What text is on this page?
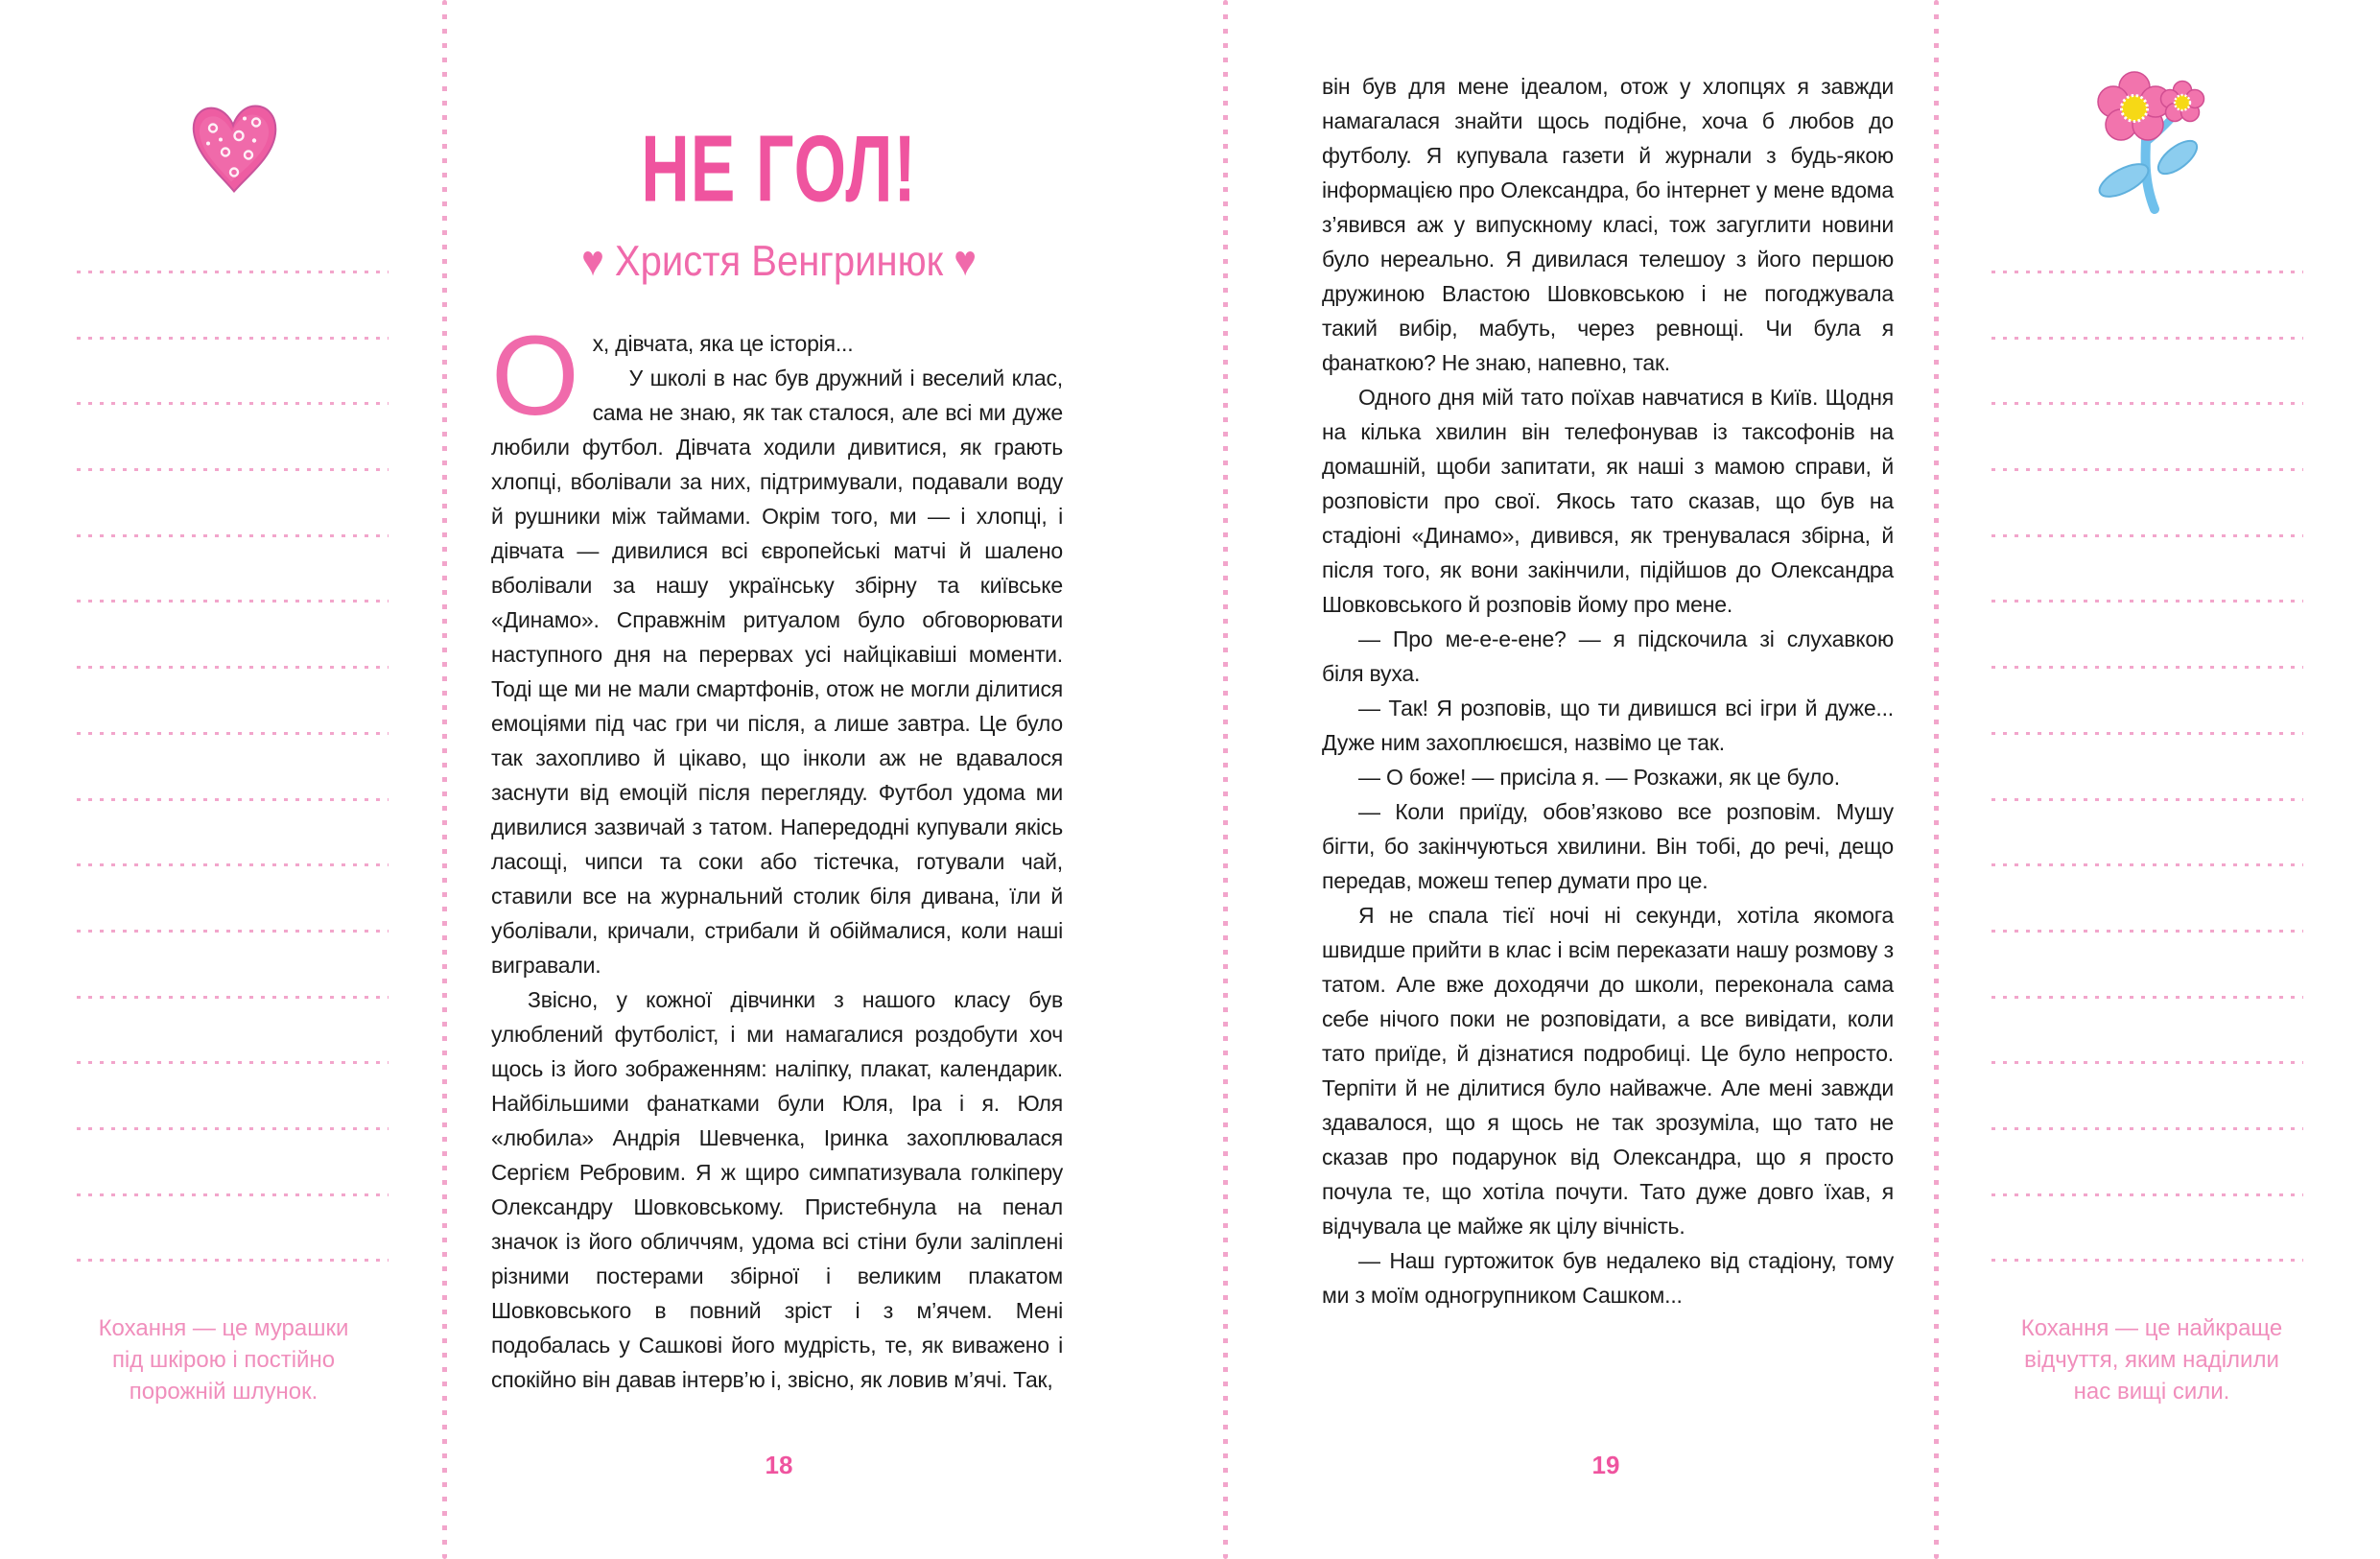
Кохання — це мурашки
під шкірою і постійно
порожній шлунок.
НЕ ГОЛ!
♥ Христя Венгринюк ♥

Ох, дівчата, яка це історія...
У школі в нас був дружний і веселий клас, сама не знаю, як так сталося, але всі ми дуже любили футбол. Дівчата ходили дивитися, як грають хлопці, вболівали за них, підтримували, подавали воду й рушники між таймами. Окрім того, ми — і хлопці, і дівчата — дивилися всі європейські матчі й шалено вболівали за нашу українську збірну та київське «Динамо». Справжнім ритуалом було обговорювати наступного дня на перервах усі найцікавіші моменти. Тоді ще ми не мали смартфонів, отож не могли ділитися емоціями під час гри чи після, а лише завтра. Це було так захопливо й цікаво, що інколи аж не вдавалося заснути від емоцій після перегляду. Футбол удома ми дивилися зазвичай з татом. Напередодні купували якісь ласощі, чипси та соки або тістечка, готували чай, ставили все на журнальний столик біля дивана, їли й уболівали, кричали, стрибали й обіймалися, коли наші вигравали.

Звісно, у кожної дівчинки з нашого класу був улюблений футболіст, і ми намагалися роздобути хоч щось із його зображенням: наліпку, плакат, календарик. Найбільшими фанатками були Юля, Іра і я. Юля «любила» Андрія Шевченка, Іринка захоплювалася Сергієм Ребровим. Я ж щиро симпатизувала голкіперу Олександру Шовковському. Пристебнула на пенал значок із його обличчям, удома всі стіни були заліплені різними постерами збірної і великим плакатом Шовковського в повний зріст і з м’ячем. Мені подобалась у Сашкові його мудрість, те, як виважено і спокійно він давав інтерв’ю і, звісно, як ловив м’ячі. Так,

18

він був для мене ідеалом, отож у хлопцях я завжди намагалася знайти щось подібне, хоча б любов до футболу. Я купувала газети й журнали з будь-якою інформацією про Олександра, бо інтернет у мене вдома з’явився аж у випускному класі, тож загуглити новини було нереально. Я дивилася телешоу з його першою дружиною Властою Шовковською і не погоджувала такий вибір, мабуть, через ревнощі. Чи була я фанаткою? Не знаю, напевно, так.

Одного дня мій тато поїхав навчатися в Київ. Щодня на кілька хвилин він телефонував із таксофонів на домашній, щоби запитати, як наші з мамою справи, й розповісти про свої. Якось тато сказав, що був на стадіоні «Динамо», дивився, як тренувалася збірна, й після того, як вони закінчили, підійшов до Олександра Шовковського й розповів йому про мене.

— Про ме-е-е-ене? — я підскочила зі слухавкою біля вуха.

— Так! Я розповів, що ти дивишся всі ігри й дуже... Дуже ним захоплюєшся, назвімо це так.

— О боже! — присіла я. — Розкажи, як це було.

— Коли приїду, обов’язково все розповім. Мушу бігти, бо закінчуються хвилини. Він тобі, до речі, дещо передав, можеш тепер думати про це.

Я не спала тієї ночі ні секунди, хотіла якомога швидше прийти в клас і всім переказати нашу розмову з татом. Але вже доходячи до школи, переконала сама себе нічого поки не розповідати, а все вивідати, коли тато приїде, й дізнатися подробиці. Це було непросто. Терпіти й не ділитися було найважче. Але мені завжди здавалося, що я щось не так зрозуміла, що тато не сказав про подарунок від Олександра, що я просто почула те, що хотіла почути. Тато дуже довго їхав, я відчувала це майже як цілу вічність.

— Наш гуртожиток був недалеко від стадіону, тому ми з моїм одногрупником Сашком...

19
Кохання — це найкраще
відчуття, яким наділили
нас вищі сили.
